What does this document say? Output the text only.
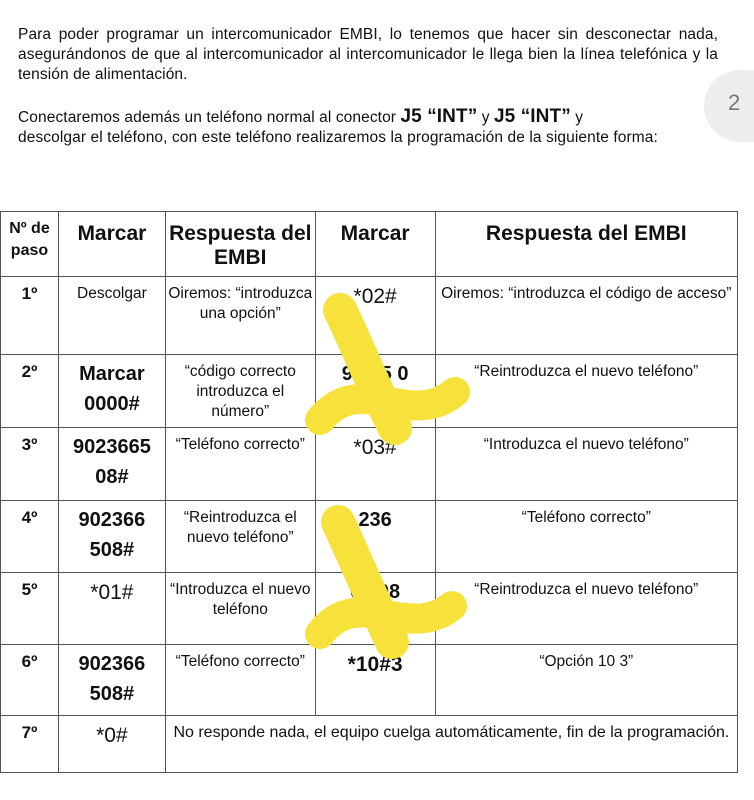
Para poder programar un intercomunicador EMBI, lo tenemos que hacer sin desconectar nada, asegurándonos de que al intercomunicador al intercomunicador le llega bien la línea telefónica y la tensión de alimentación.
Conectaremos además un teléfono normal al conector J5 “INT” y J5 “INT” y
descolgar el teléfono, con este teléfono realizaremos la programación de la siguiente forma:
2
Nº de paso	Marcar	Respuesta del EMBI	Marcar	Respuesta del EMBI
1º	Descolgar	Oiremos: “introduzca una opción”	*02#	Oiremos: “introduzca el código de acceso”
2º	Marcar 0000#	“código correcto introduzca el número”	90 65 0	“Reintroduzca el nuevo teléfono”
3º	9023665 08#	“Teléfono correcto”	*03#	“Introduzca el nuevo teléfono”
4º	902366 508#	“Reintroduzca el nuevo teléfono”	236	“Teléfono correcto”
5º	*01#	“Introduzca el nuevo teléfono	65 08	“Reintroduzca el nuevo teléfono”
6º	902366 508#	“Teléfono correcto”	*10#3	“Opción 10 3”
7º	*0#	No responde nada, el equipo cuelga automáticamente, fin de la programación.		
